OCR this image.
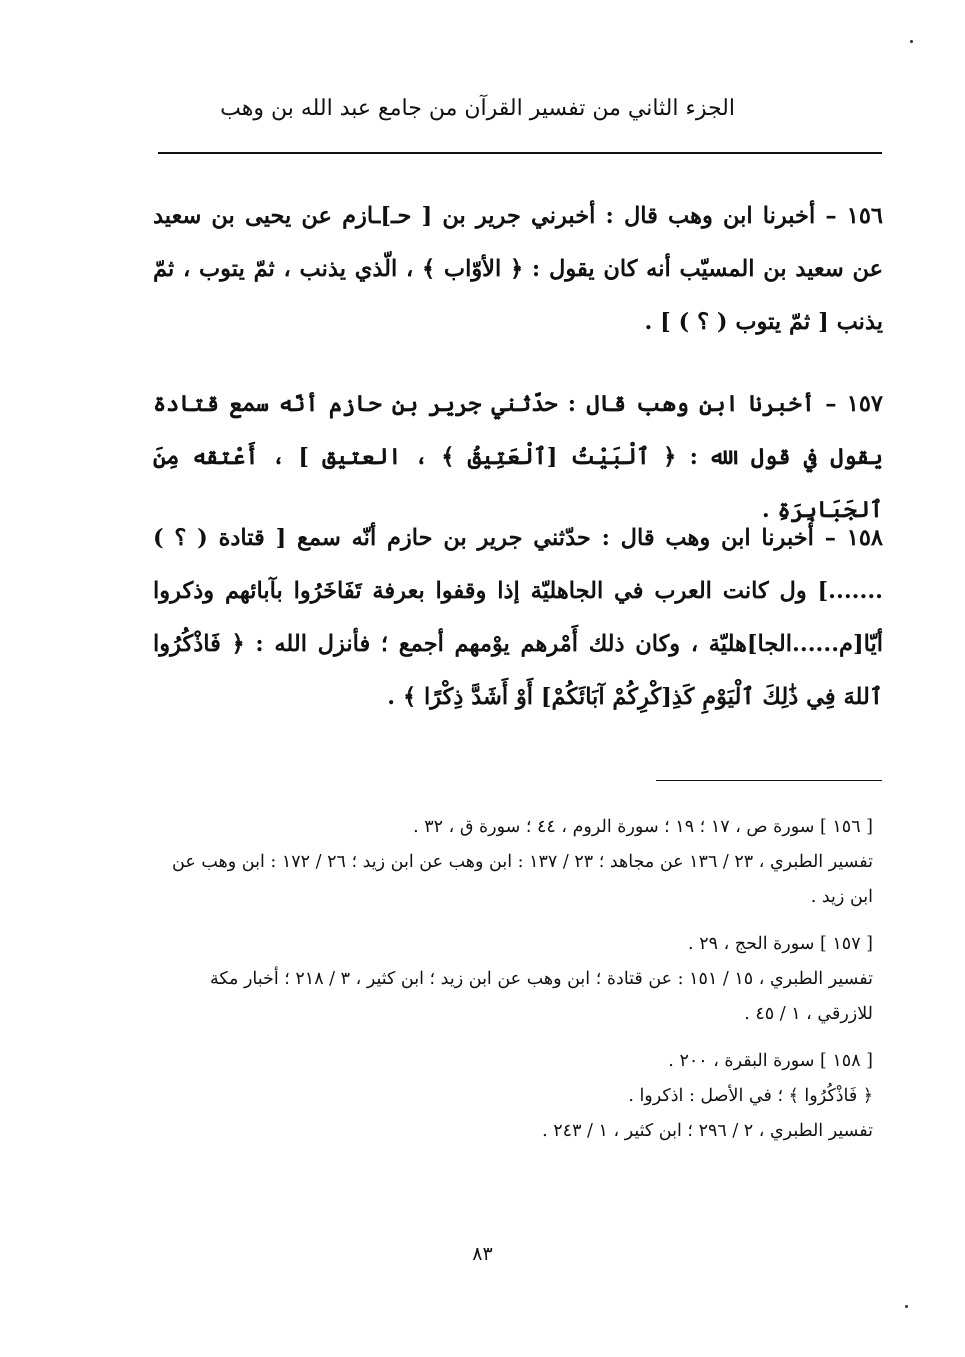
الجزء الثاني من تفسير القرآن من جامع عبد الله بن وهب
١٥٦ – أخبرنا ابن وهب قال : أخبرني جرير بن [ حـ]ـازم عن يحيى بن سعيد عن سعيد بن المسيّب أنه كان يقول : ﴿ الأوّاب ﴾ ، الّذي يذنب ، ثمّ يتوب ، ثمّ يذنب [ ثمّ يتوب ( ؟ ) ] .
١٥٧ – أخبرنا ابن وهب قال : حدّثني جرير بن حازم أنّه سمع قتادة يقول في قول الله : ﴿ ٱلْبَيْتُ [ٱلْعَتِيقُ ﴾ ، العتيق ] ، أَعْتقه مِنَ ٱلجَبَابِرَةِ .
١٥٨ – أخبرنا ابن وهب قال : حدّثني جرير بن حازم أنّه سمع [ قتادة ( ؟ ) .......] ول كانت العرب في الجاهليّة إذا وقفوا بعرفة تَفَاخَرُوا بآبائهم وذكروا أيّا[م......الجا]هليّة ، وكان ذلك أَمْرهم يوْمهم أجمع ؛ فأنزل الله : ﴿ فَاذْكُرُوا ٱللهَ فِي ذَٰلِكَ ٱلْيَوْمِ كَذِ[كْرِكُمْ آبَائَكُمْ] أَوْ أَشَدَّ ذِكْرًا ﴾ .

[ ١٥٦ ] سورة ص ، ١٧ ؛ ١٩ ؛ سورة الروم ، ٤٤ ؛ سورة ق ، ٣٢ .

تفسير الطبري ، ٢٣ / ١٣٦ عن مجاهد ؛ ٢٣ / ١٣٧ : ابن وهب عن ابن زيد ؛ ٢٦ / ١٧٢ : ابن وهب عن ابن زيد .

[ ١٥٧ ] سورة الحج ، ٢٩ .

تفسير الطبري ، ١٥ / ١٥١ : عن قتادة ؛ ابن وهب عن ابن زيد ؛ ابن كثير ، ٣ / ٢١٨ ؛ أخبار مكة للازرقي ، ١ / ٤٥ .

[ ١٥٨ ] سورة البقرة ، ٢٠٠ .

﴿ فَاذْكُرُوا ﴾ ؛ في الأصل : اذكروا .

تفسير الطبري ، ٢ / ٢٩٦ ؛ ابن كثير ، ١ / ٢٤٣ .

٨٣
